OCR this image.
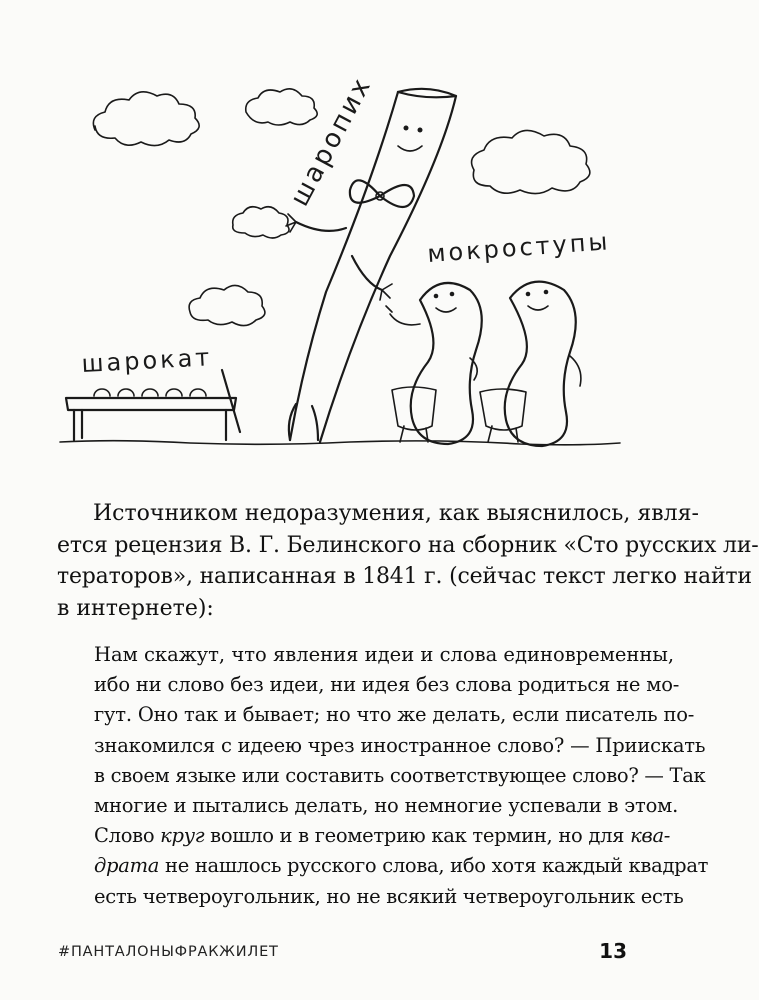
шаропих
мокроступы
шарокат
Источником недоразумения, как выяснилось, явля-
ется рецензия В. Г. Белинского на сборник «Сто русских ли-
тераторов», написанная в 1841 г. (сейчас текст легко найти
в интернете):
Нам скажут, что явления идеи и слова единовременны,
ибо ни слово без идеи, ни идея без слова родиться не мо-
гут. Оно так и бывает; но что же делать, если писатель по-
знакомился с идеею чрез иностранное слово? — Приискать
в своем языке или составить соответствующее слово? — Так
многие и пытались делать, но немногие успевали в этом.
Слово круг вошло и в геометрию как термин, но для ква-
драта не нашлось русского слова, ибо хотя каждый квадрат
есть четвероугольник, но не всякий четвероугольник есть
#ПАНТАЛОНЫФРАКЖИЛЕТ	13
